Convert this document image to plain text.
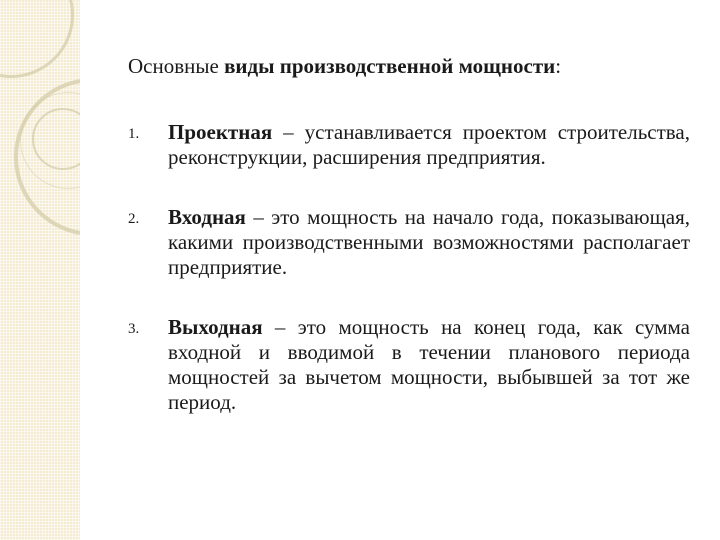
Основные виды производственной мощности:

1. Проектная – устанавливается проектом строительства, реконструкции, расширения предприятия.
2. Входная – это мощность на начало года, показывающая, какими производственными возможностями располагает предприятие.
3. Выходная – это мощность на конец года, как сумма входной и вводимой в течении планового периода мощностей за вычетом мощности, выбывшей за тот же период.
